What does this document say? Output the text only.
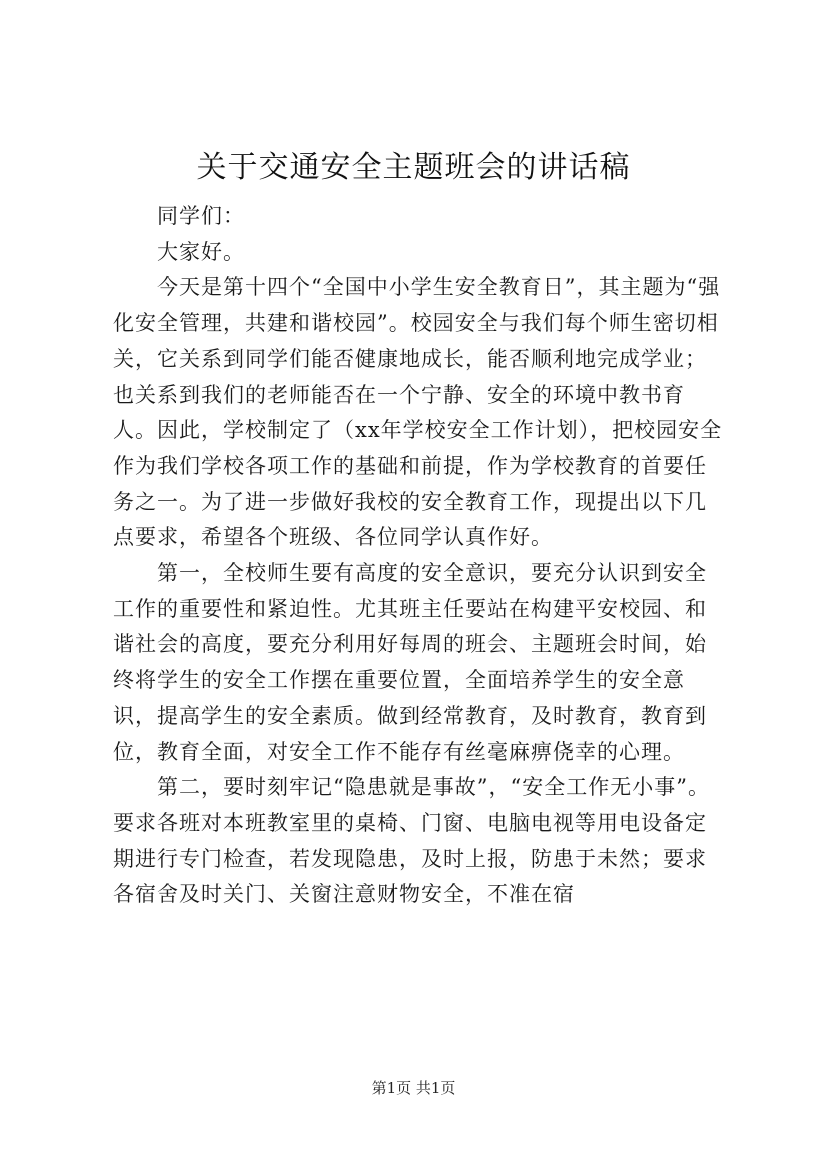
关于交通安全主题班会的讲话稿

同学们：

大家好。

今天是第十四个“全国中小学生安全教育日”，其主题为“强化安全管理，共建和谐校园”。校园安全与我们每个师生密切相关，它关系到同学们能否健康地成长，能否顺利地完成学业；也关系到我们的老师能否在一个宁静、安全的环境中教书育人。因此，学校制定了（xx年学校安全工作计划），把校园安全作为我们学校各项工作的基础和前提，作为学校教育的首要任务之一。为了进一步做好我校的安全教育工作，现提出以下几点要求，希望各个班级、各位同学认真作好。

第一，全校师生要有高度的安全意识，要充分认识到安全工作的重要性和紧迫性。尤其班主任要站在构建平安校园、和谐社会的高度，要充分利用好每周的班会、主题班会时间，始终将学生的安全工作摆在重要位置，全面培养学生的安全意识，提高学生的安全素质。做到经常教育，及时教育，教育到位，教育全面，对安全工作不能存有丝毫麻痹侥幸的心理。

第二，要时刻牢记“隐患就是事故”，“安全工作无小事”。要求各班对本班教室里的桌椅、门窗、电脑电视等用电设备定期进行专门检查，若发现隐患，及时上报，防患于未然；要求各宿舍及时关门、关窗注意财物安全，不准在宿

第1页 共1页
